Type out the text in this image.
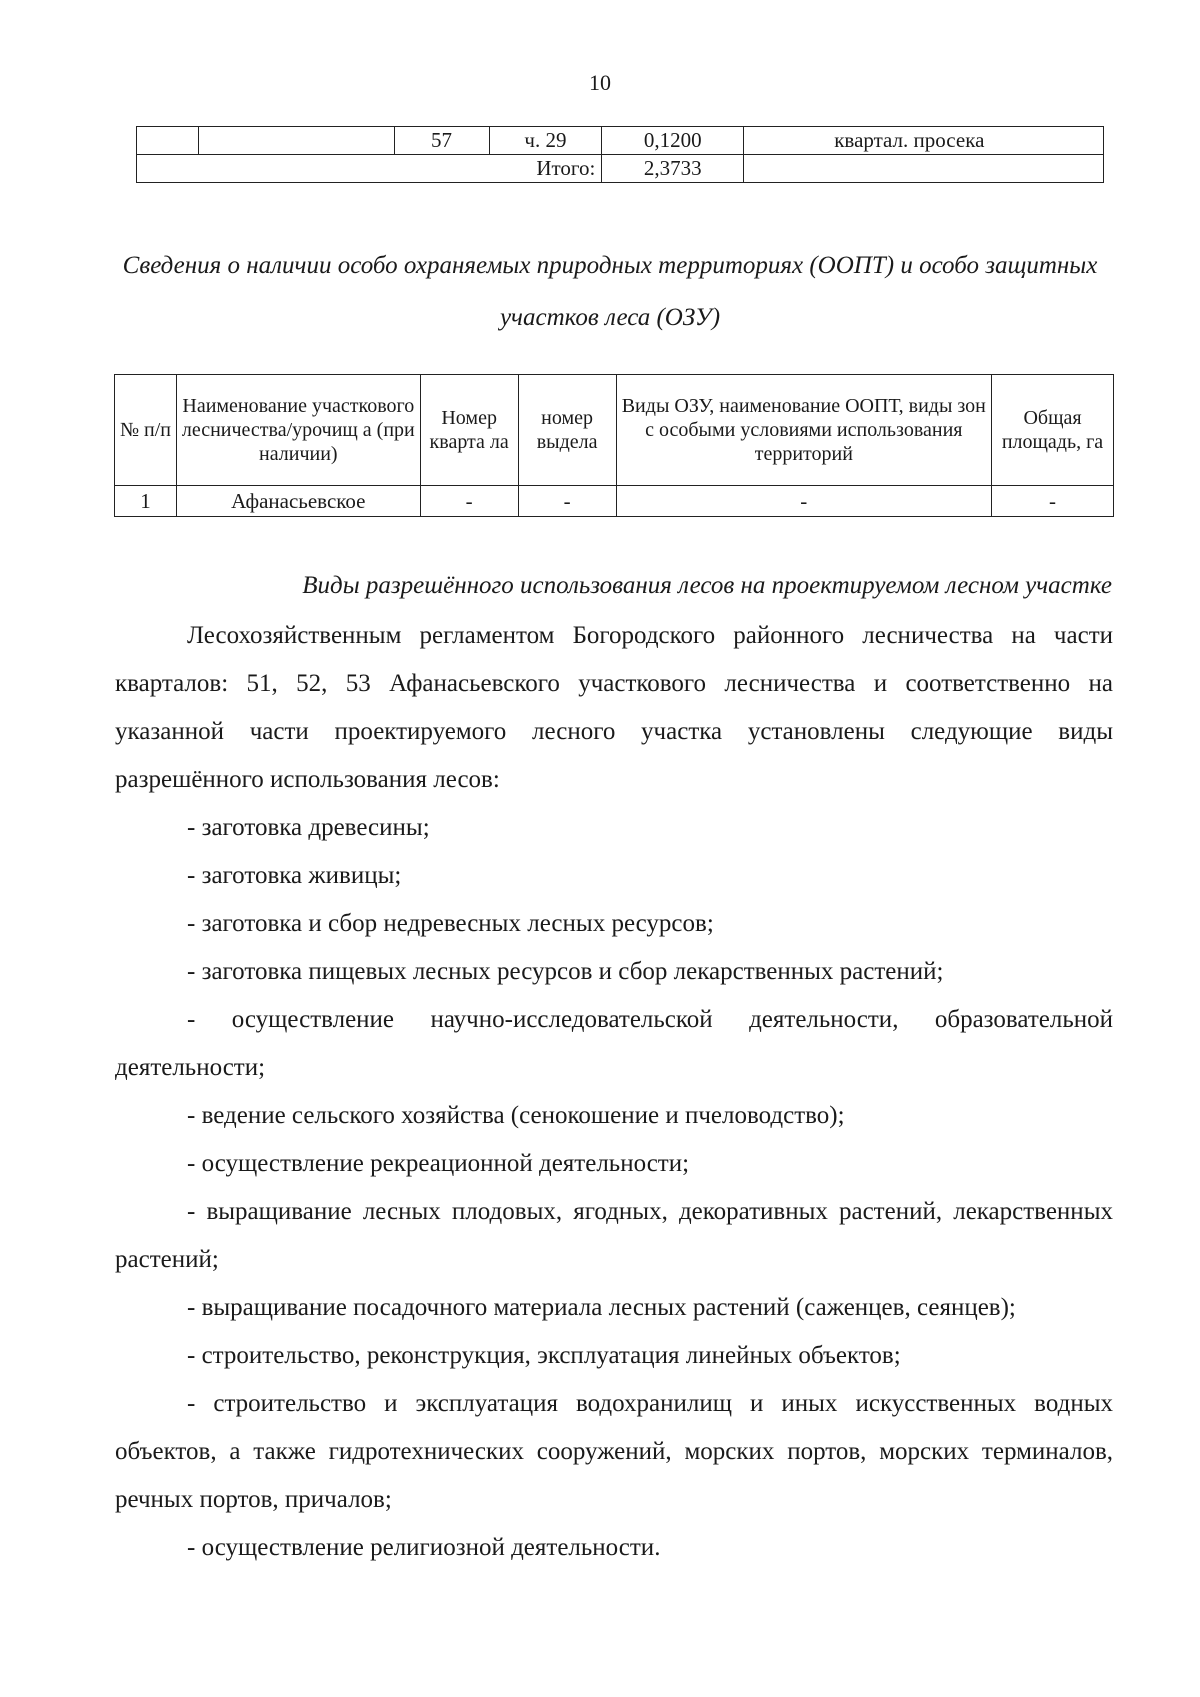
10
		57	ч. 29	0,1200	квартал. просека
Итого:				2,3733	
Сведения о наличии особо охраняемых природных территориях (ООПТ) и особо защитных участков леса (ОЗУ)
№ п/п	Наименование участкового лесничества/урочищ а (при наличии)	Номер кварта ла	номер выдела	Виды ОЗУ, наименование ООПТ, виды зон с особыми условиями использования территорий	Общая площадь, га
1	Афанасьевское	-	-	-	-
Виды разрешённого использования лесов на проектируемом лесном участке

Лесохозяйственным регламентом Богородского районного лесничества на части кварталов: 51, 52, 53 Афанасьевского участкового лесничества и соответственно на указанной части проектируемого лесного участка установлены следующие виды разрешённого использования лесов:

- заготовка древесины;

- заготовка живицы;

- заготовка и сбор недревесных лесных ресурсов;

- заготовка пищевых лесных ресурсов и сбор лекарственных растений;

- осуществление научно-исследовательской деятельности, образовательной деятельности;

- ведение сельского хозяйства (сенокошение и пчеловодство);

- осуществление рекреационной деятельности;

- выращивание лесных плодовых, ягодных, декоративных растений, лекарственных растений;

- выращивание посадочного материала лесных растений (саженцев, сеянцев);

- строительство, реконструкция, эксплуатация линейных объектов;

- строительство и эксплуатация водохранилищ и иных искусственных водных объектов, а также гидротехнических сооружений, морских портов, морских терминалов, речных портов, причалов;

- осуществление религиозной деятельности.
